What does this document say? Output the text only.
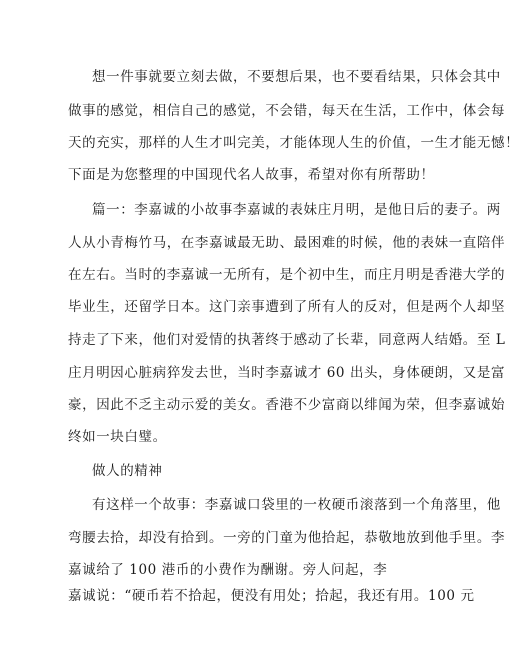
想一件事就要立刻去做，不要想后果，也不要看结果，只体会其中
做事的感觉，相信自己的感觉，不会错，每天在生活，工作中，体会每
天的充实，那样的人生才叫完美，才能体现人生的价值，一生才能无憾！
下面是为您整理的中国现代名人故事，希望对你有所帮助！
篇一：李嘉诚的小故事李嘉诚的表妹庄月明，是他日后的妻子。两
人从小青梅竹马，在李嘉诚最无助、最困难的时候，他的表妹一直陪伴
在左右。当时的李嘉诚一无所有，是个初中生，而庄月明是香港大学的
毕业生，还留学日本。这门亲事遭到了所有人的反对，但是两个人却坚
持走了下来，他们对爱情的执著终于感动了长辈，同意两人结婚。至 L
庄月明因心脏病猝发去世，当时李嘉诚才 60 出头，身体硬朗，又是富
豪，因此不乏主动示爱的美女。香港不少富商以绯闻为荣，但李嘉诚始
终如一块白璧。
做人的精神
有这样一个故事：李嘉诚口袋里的一枚硬币滚落到一个角落里，他
弯腰去拾，却没有拾到。一旁的门童为他拾起，恭敬地放到他手里。李
嘉诚给了 100 港币的小费作为酬谢。旁人问起，李
嘉诚说：“硬币若不拾起，便没有用处；拾起，我还有用。100 元
